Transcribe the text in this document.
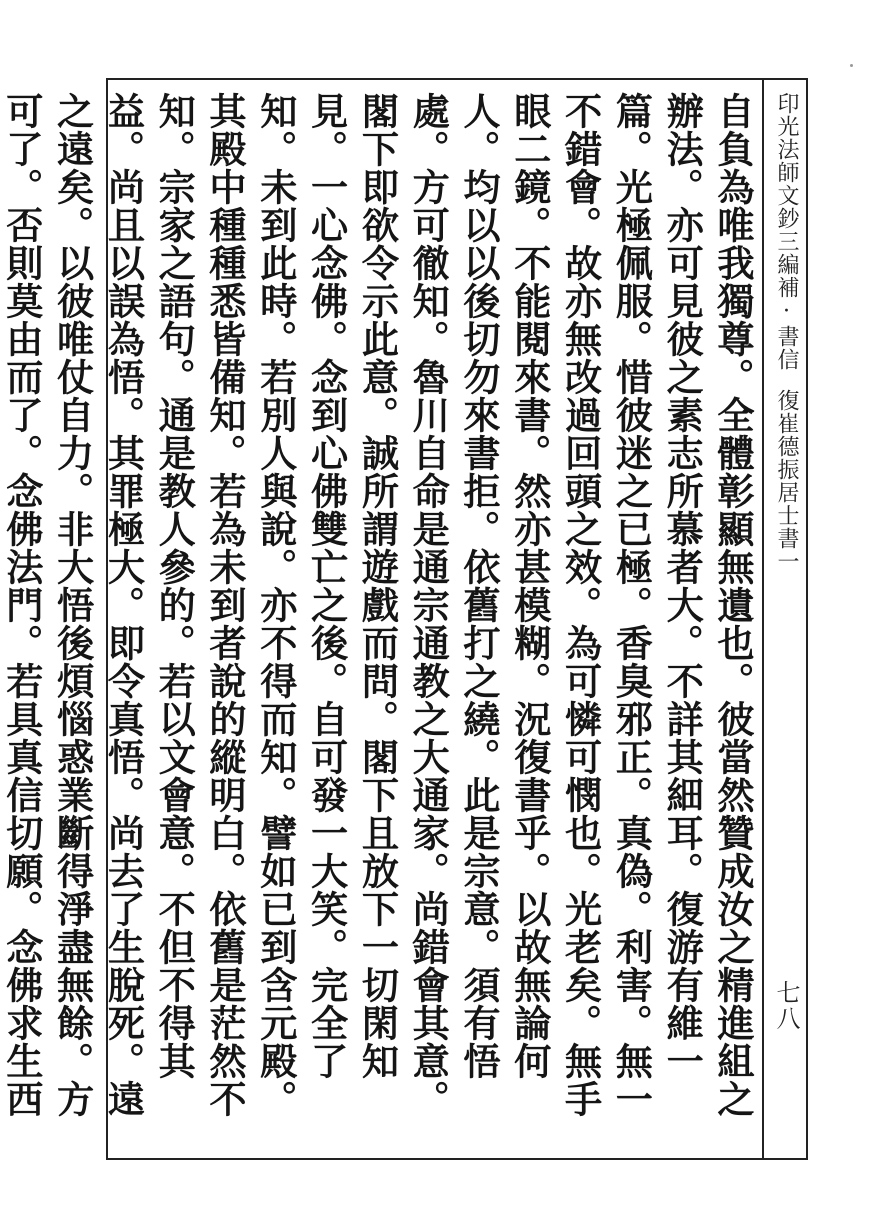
印光法師文鈔三編補·書信復崔德振居士書一
七八
自負為唯我獨尊。全體彰顯無遺也。彼當然贊成汝之精進組之辦法。亦可見彼之素志所慕者大。不詳其細耳。復游有維一篇。光極佩服。惜彼迷之已極。香臭邪正。真偽。利害。無一不錯會。故亦無改過回頭之效。為可憐可憫也。光老矣。無手眼二鏡。不能閱來書。然亦甚模糊。況復書乎。以故無論何人。均以以後切勿來書拒。依舊打之繞。此是宗意。須有悟處。方可徹知。魯川自命是通宗通教之大通家。尚錯會其意。閣下即欲令示此意。誠所謂遊戲而問。閣下且放下一切閑知見。一心念佛。念到心佛雙亡之後。自可發一大笑。完全了知。未到此時。若別人與說。亦不得而知。譬如已到含元殿。其殿中種種悉皆備知。若為未到者說的縱明白。依舊是茫然不知。宗家之語句。通是教人參的。若以文會意。不但不得其益。尚且以誤為悟。其罪極大。即令真悟。尚去了生脫死。遠之遠矣。以彼唯仗自力。非大悟後煩惱惑業斷得淨盡無餘。方可了。否則莫由而了。念佛法門。若具真信切願。念佛求生西
